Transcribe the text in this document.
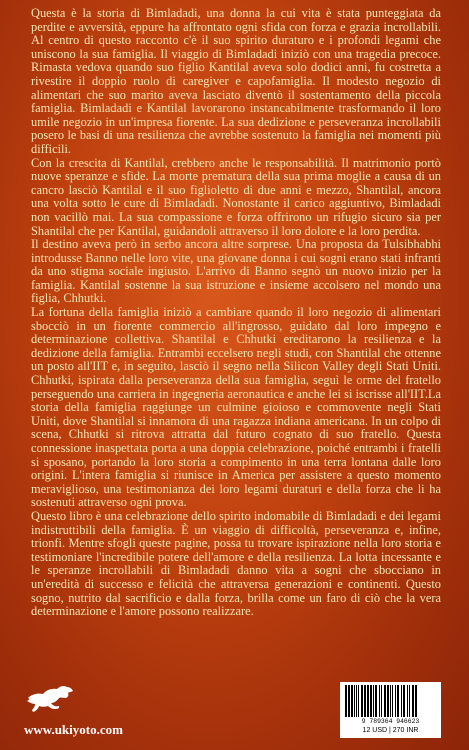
Questa è la storia di Bimladadi, una donna la cui vita è stata punteggiata da perdite e avversità, eppure ha affrontato ogni sfida con forza e grazia incrollabili. Al centro di questo racconto c'è il suo spirito duraturo e i profondi legami che uniscono la sua famiglia. Il viaggio di Bimladadi iniziò con una tragedia precoce. Rimasta vedova quando suo figlio Kantilal aveva solo dodici anni, fu costretta a rivestire il doppio ruolo di caregiver e capofamiglia. Il modesto negozio di alimentari che suo marito aveva lasciato diventò il sostentamento della piccola famiglia. Bimladadi e Kantilal lavorarono instancabilmente trasformando il loro umile negozio in un'impresa fiorente. La sua dedizione e perseveranza incrollabili posero le basi di una resilienza che avrebbe sostenuto la famiglia nei momenti più difficili.

Con la crescita di Kantilal, crebbero anche le responsabilità. Il matrimonio portò nuove speranze e sfide. La morte prematura della sua prima moglie a causa di un cancro lasciò Kantilal e il suo figlioletto di due anni e mezzo, Shantilal, ancora una volta sotto le cure di Bimladadi. Nonostante il carico aggiuntivo, Bimladadi non vacillò mai. La sua compassione e forza offrirono un rifugio sicuro sia per Shantilal che per Kantilal, guidandoli attraverso il loro dolore e la loro perdita.

Il destino aveva però in serbo ancora altre sorprese. Una proposta da Tulsibhabhi introdusse Banno nelle loro vite, una giovane donna i cui sogni erano stati infranti da uno stigma sociale ingiusto. L'arrivo di Banno segnò un nuovo inizio per la famiglia. Kantilal sostenne la sua istruzione e insieme accolsero nel mondo una figlia, Chhutki.

La fortuna della famiglia iniziò a cambiare quando il loro negozio di alimentari sbocciò in un fiorente commercio all'ingrosso, guidato dal loro impegno e determinazione collettiva. Shantilal e Chhutki ereditarono la resilienza e la dedizione della famiglia. Entrambi eccelsero negli studi, con Shantilal che ottenne un posto all'IIT e, in seguito, lasciò il segno nella Silicon Valley degli Stati Uniti. Chhutki, ispirata dalla perseveranza della sua famiglia, seguì le orme del fratello perseguendo una carriera in ingegneria aeronautica e anche lei si iscrisse all'IIT.La storia della famiglia raggiunge un culmine gioioso e commovente negli Stati Uniti, dove Shantilal si innamora di una ragazza indiana americana. In un colpo di scena, Chhutki si ritrova attratta dal futuro cognato di suo fratello. Questa connessione inaspettata porta a una doppia celebrazione, poiché entrambi i fratelli si sposano, portando la loro storia a compimento in una terra lontana dalle loro origini. L'intera famiglia si riunisce in America per assistere a questo momento meraviglioso, una testimonianza dei loro legami duraturi e della forza che li ha sostenuti attraverso ogni prova.

Questo libro è una celebrazione dello spirito indomabile di Bimladadi e dei legami indistruttibili della famiglia. È un viaggio di difficoltà, perseveranza e, infine, trionfi. Mentre sfogli queste pagine, possa tu trovare ispirazione nella loro storia e testimoniare l'incredibile potere dell'amore e della resilienza. La lotta incessante e le speranze incrollabili di Bimladadi danno vita a sogni che sbocciano in un'eredità di successo e felicità che attraversa generazioni e continenti. Questo sogno, nutrito dal sacrificio e dalla forza, brilla come un faro di ciò che la vera determinazione e l'amore possono realizzare.

www.ukiyoto.com
9 789364 946623
12 USD | 270 INR
